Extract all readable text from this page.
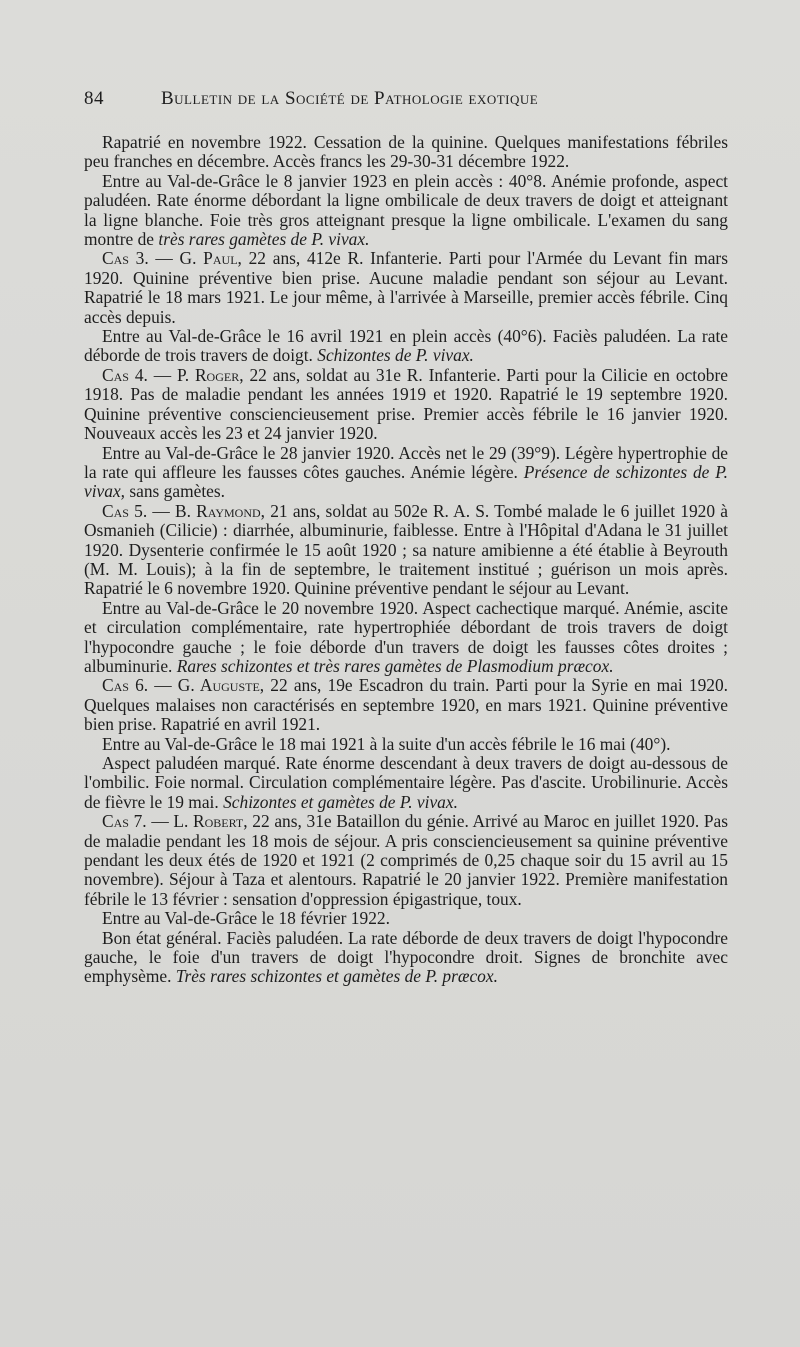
84	Bulletin de la Société de Pathologie exotique

Rapatrié en novembre 1922. Cessation de la quinine. Quelques manifestations fébriles peu franches en décembre. Accès francs les 29-30-31 décembre 1922.

Entre au Val-de-Grâce le 8 janvier 1923 en plein accès : 40°8. Anémie profonde, aspect paludéen. Rate énorme débordant la ligne ombilicale de deux travers de doigt et atteignant la ligne blanche. Foie très gros atteignant presque la ligne ombilicale. L'examen du sang montre de très rares gamètes de P. vivax.

Cas 3. — G. Paul, 22 ans, 412e R. Infanterie. Parti pour l'Armée du Levant fin mars 1920. Quinine préventive bien prise. Aucune maladie pendant son séjour au Levant. Rapatrié le 18 mars 1921. Le jour même, à l'arrivée à Marseille, premier accès fébrile. Cinq accès depuis.

Entre au Val-de-Grâce le 16 avril 1921 en plein accès (40°6). Faciès paludéen. La rate déborde de trois travers de doigt. Schizontes de P. vivax.

Cas 4. — P. Roger, 22 ans, soldat au 31e R. Infanterie. Parti pour la Cilicie en octobre 1918. Pas de maladie pendant les années 1919 et 1920. Rapatrié le 19 septembre 1920. Quinine préventive consciencieusement prise. Premier accès fébrile le 16 janvier 1920. Nouveaux accès les 23 et 24 janvier 1920.

Entre au Val-de-Grâce le 28 janvier 1920. Accès net le 29 (39°9). Légère hypertrophie de la rate qui affleure les fausses côtes gauches. Anémie légère. Présence de schizontes de P. vivax, sans gamètes.

Cas 5. — B. Raymond, 21 ans, soldat au 502e R. A. S. Tombé malade le 6 juillet 1920 à Osmanieh (Cilicie) : diarrhée, albuminurie, faiblesse. Entre à l'Hôpital d'Adana le 31 juillet 1920. Dysenterie confirmée le 15 août 1920 ; sa nature amibienne a été établie à Beyrouth (M. M. Louis); à la fin de septembre, le traitement institué ; guérison un mois après. Rapatrié le 6 novembre 1920. Quinine préventive pendant le séjour au Levant.

Entre au Val-de-Grâce le 20 novembre 1920. Aspect cachectique marqué. Anémie, ascite et circulation complémentaire, rate hypertrophiée débordant de trois travers de doigt l'hypocondre gauche ; le foie déborde d'un travers de doigt les fausses côtes droites ; albuminurie. Rares schizontes et très rares gamètes de Plasmodium præcox.

Cas 6. — G. Auguste, 22 ans, 19e Escadron du train. Parti pour la Syrie en mai 1920. Quelques malaises non caractérisés en septembre 1920, en mars 1921. Quinine préventive bien prise. Rapatrié en avril 1921.

Entre au Val-de-Grâce le 18 mai 1921 à la suite d'un accès fébrile le 16 mai (40°).

Aspect paludéen marqué. Rate énorme descendant à deux travers de doigt au-dessous de l'ombilic. Foie normal. Circulation complémentaire légère. Pas d'ascite. Urobilinurie. Accès de fièvre le 19 mai. Schizontes et gamètes de P. vivax.

Cas 7. — L. Robert, 22 ans, 31e Bataillon du génie. Arrivé au Maroc en juillet 1920. Pas de maladie pendant les 18 mois de séjour. A pris consciencieusement sa quinine préventive pendant les deux étés de 1920 et 1921 (2 comprimés de 0,25 chaque soir du 15 avril au 15 novembre). Séjour à Taza et alentours. Rapatrié le 20 janvier 1922. Première manifestation fébrile le 13 février : sensation d'oppression épigastrique, toux.

Entre au Val-de-Grâce le 18 février 1922.

Bon état général. Faciès paludéen. La rate déborde de deux travers de doigt l'hypocondre gauche, le foie d'un travers de doigt l'hypocondre droit. Signes de bronchite avec emphysème. Très rares schizontes et gamètes de P. præcox.
